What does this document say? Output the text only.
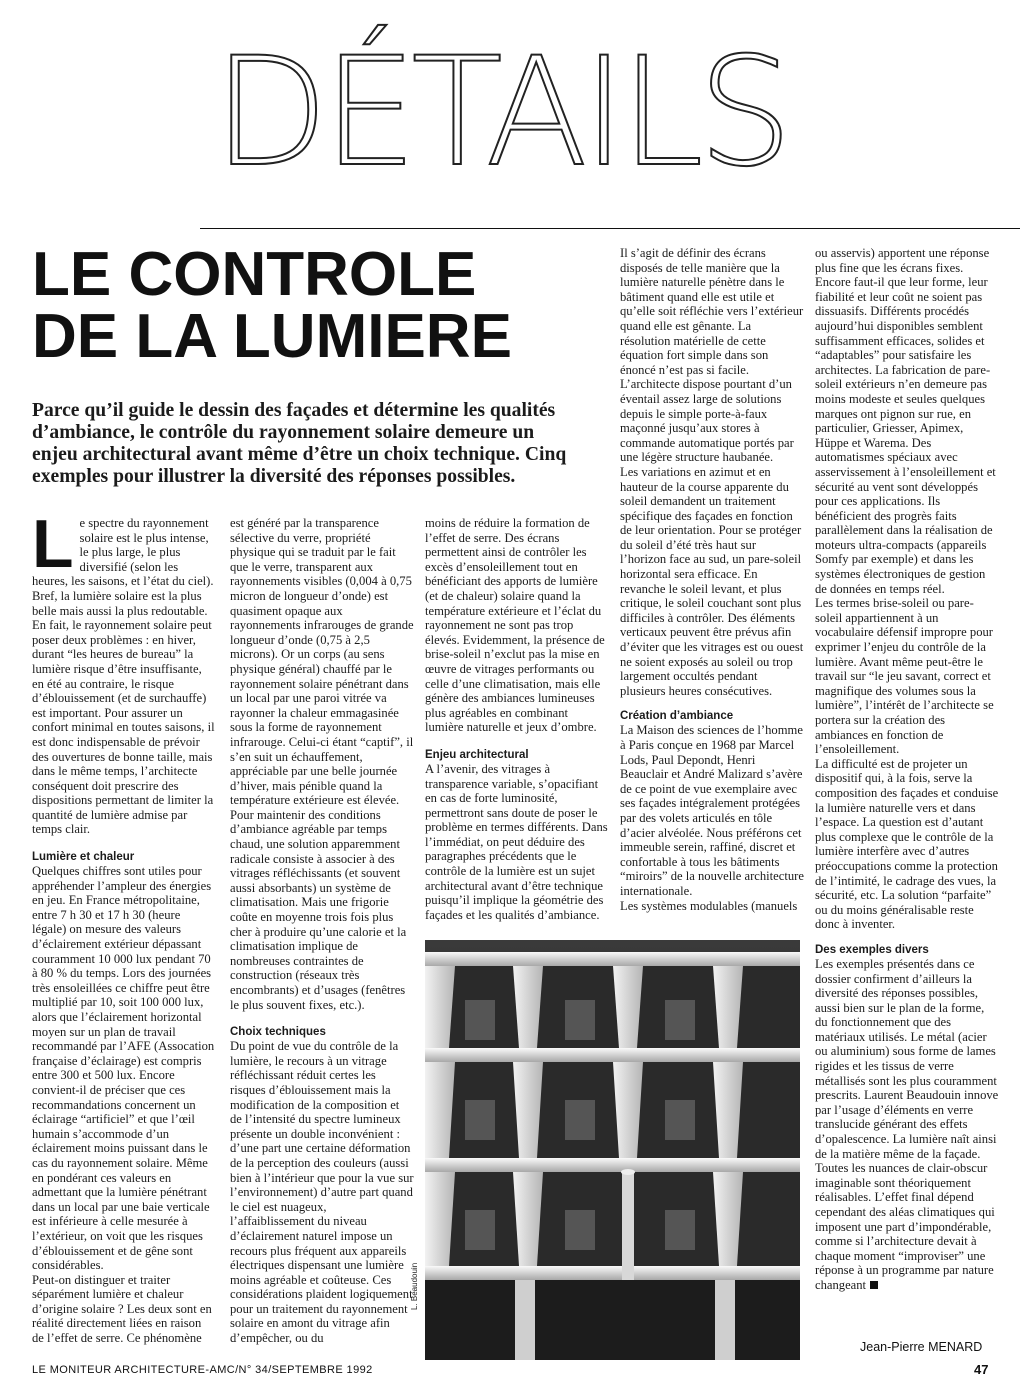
DÉTAILS
LE CONTROLE
DE LA LUMIERE

Parce qu’il guide le dessin des façades et détermine les qualités d’ambiance, le contrôle du rayonnement solaire demeure un enjeu architectural avant même d’être un choix technique. Cinq exemples pour illustrer la diversité des réponses possibles.

L e spectre du rayonnement solaire est le plus intense, le plus large, le plus diversifié (selon les heures, les saisons, et l’état du ciel). Bref, la lumière solaire est la plus belle mais aussi la plus redoutable. En fait, le rayonnement solaire peut poser deux problèmes : en hiver, durant “les heures de bureau” la lumière risque d’être insuffisante, en été au contraire, le risque d’éblouissement (et de surchauffe) est important. Pour assurer un confort minimal en toutes saisons, il est donc indispensable de prévoir des ouvertures de bonne taille, mais dans le même temps, l’architecte conséquent doit prescrire des dispositions permettant de limiter la quantité de lumière admise par temps clair.

Lumière et chaleur

Quelques chiffres sont utiles pour appréhender l’ampleur des énergies en jeu. En France métropolitaine, entre 7 h 30 et 17 h 30 (heure légale) on mesure des valeurs d’éclairement extérieur dépassant couramment 10 000 lux pendant 70 à 80 % du temps. Lors des journées très ensoleillées ce chiffre peut être multiplié par 10, soit 100 000 lux, alors que l’éclairement horizontal moyen sur un plan de travail recommandé par l’AFE (Assocation française d’éclairage) est compris entre 300 et 500 lux. Encore convient-il de préciser que ces recommandations concernent un éclairage “artificiel” et que l’œil humain s’accommode d’un éclairement moins puissant dans le cas du rayonnement solaire. Même en pondérant ces valeurs en admettant que la lumière pénétrant dans un local par une baie verticale est inférieure à celle mesurée à l’extérieur, on voit que les risques d’éblouissement et de gêne sont considérables.

Peut-on distinguer et traiter séparément lumière et chaleur d’origine solaire ? Les deux sont en réalité directement liées en raison de l’effet de serre. Ce phénomène

est généré par la transparence sélective du verre, propriété physique qui se traduit par le fait que le verre, transparent aux rayonnements visibles (0,004 à 0,75 micron de longueur d’onde) est quasiment opaque aux rayonnements infrarouges de grande longueur d’onde (0,75 à 2,5 microns). Or un corps (au sens physique général) chauffé par le rayonnement solaire pénétrant dans un local par une paroi vitrée va rayonner la chaleur emmagasinée sous la forme de rayonnement infrarouge. Celui-ci étant “captif”, il s’en suit un échauffement, appréciable par une belle journée d’hiver, mais pénible quand la température extérieure est élevée. Pour maintenir des conditions d’ambiance agréable par temps chaud, une solution apparemment radicale consiste à associer à des vitrages réfléchissants (et souvent aussi absorbants) un système de climatisation. Mais une frigorie coûte en moyenne trois fois plus cher à produire qu’une calorie et la climatisation implique de nombreuses contraintes de construction (réseaux très encombrants) et d’usages (fenêtres le plus souvent fixes, etc.).

Choix techniques

Du point de vue du contrôle de la lumière, le recours à un vitrage réfléchissant réduit certes les risques d’éblouissement mais la modification de la composition et de l’intensité du spectre lumineux présente un double inconvénient : d’une part une certaine déformation de la perception des couleurs (aussi bien à l’intérieur que pour la vue sur l’environnement) d’autre part quand le ciel est nuageux, l’affaiblissement du niveau d’éclairement naturel impose un recours plus fréquent aux appareils électriques dispensant une lumière moins agréable et coûteuse. Ces considérations plaident logiquement pour un traitement du rayonnement solaire en amont du vitrage afin d’empêcher, ou du

moins de réduire la formation de l’effet de serre. Des écrans permettent ainsi de contrôler les excès d’ensoleillement tout en bénéficiant des apports de lumière (et de chaleur) solaire quand la température extérieure et l’éclat du rayonnement ne sont pas trop élevés. Evidemment, la présence de brise-soleil n’exclut pas la mise en œuvre de vitrages performants ou celle d’une climatisation, mais elle génère des ambiances lumineuses plus agréables en combinant lumière naturelle et jeux d’ombre.

Enjeu architectural

A l’avenir, des vitrages à transparence variable, s’opacifiant en cas de forte luminosité, permettront sans doute de poser le problème en termes différents. Dans l’immédiat, on peut déduire des paragraphes précédents que le contrôle de la lumière est un sujet architectural avant d’être technique puisqu’il implique la géométrie des façades et les qualités d’ambiance.

Il s’agit de définir des écrans disposés de telle manière que la lumière naturelle pénètre dans le bâtiment quand elle est utile et qu’elle soit réfléchie vers l’extérieur quand elle est gênante. La résolution matérielle de cette équation fort simple dans son énoncé n’est pas si facile.

L’architecte dispose pourtant d’un éventail assez large de solutions depuis le simple porte-à-faux maçonné jusqu’aux stores à commande automatique portés par une légère structure haubanée.

Les variations en azimut et en hauteur de la course apparente du soleil demandent un traitement spécifique des façades en fonction de leur orientation. Pour se protéger du soleil d’été très haut sur l’horizon face au sud, un pare-soleil horizontal sera efficace. En revanche le soleil levant, et plus critique, le soleil couchant sont plus difficiles à contrôler. Des éléments verticaux peuvent être prévus afin d’éviter que les vitrages est ou ouest ne soient exposés au soleil ou trop largement occultés pendant plusieurs heures consécutives.

Création d’ambiance

La Maison des sciences de l’homme à Paris conçue en 1968 par Marcel Lods, Paul Depondt, Henri Beauclair et André Malizard s’avère de ce point de vue exemplaire avec ses façades intégralement protégées par des volets articulés en tôle d’acier alvéolée. Nous préférons cet immeuble serein, raffiné, discret et confortable à tous les bâtiments “miroirs” de la nouvelle architecture internationale.

Les systèmes modulables (manuels

ou asservis) apportent une réponse plus fine que les écrans fixes. Encore faut-il que leur forme, leur fiabilité et leur coût ne soient pas dissuasifs. Différents procédés aujourd’hui disponibles semblent suffisamment efficaces, solides et “adaptables” pour satisfaire les architectes. La fabrication de pare-soleil extérieurs n’en demeure pas moins modeste et seules quelques marques ont pignon sur rue, en particulier, Griesser, Apimex, Hüppe et Warema. Des automatismes spéciaux avec asservissement à l’ensoleillement et sécurité au vent sont développés pour ces applications. Ils bénéficient des progrès faits parallèlement dans la réalisation de moteurs ultra-compacts (appareils Somfy par exemple) et dans les systèmes électroniques de gestion de données en temps réel.

Les termes brise-soleil ou pare-soleil appartiennent à un vocabulaire défensif impropre pour exprimer l’enjeu du contrôle de la lumière. Avant même peut-être le travail sur “le jeu savant, correct et magnifique des volumes sous la lumière”, l’intérêt de l’architecte se portera sur la création des ambiances en fonction de l’ensoleillement.

La difficulté est de projeter un dispositif qui, à la fois, serve la composition des façades et conduise la lumière naturelle vers et dans l’espace. La question est d’autant plus complexe que le contrôle de la lumière interfère avec d’autres préoccupations comme la protection de l’intimité, le cadrage des vues, la sécurité, etc. La solution “parfaite” ou du moins généralisable reste donc à inventer.

Des exemples divers

Les exemples présentés dans ce dossier confirment d’ailleurs la diversité des réponses possibles, aussi bien sur le plan de la forme, du fonctionnement que des matériaux utilisés. Le métal (acier ou aluminium) sous forme de lames rigides et les tissus de verre métallisés sont les plus couramment prescrits. Laurent Beaudouin innove par l’usage d’éléments en verre translucide générant des effets d’opalescence. La lumière naît ainsi de la matière même de la façade. Toutes les nuances de clair-obscur imaginable sont théoriquement réalisables. L’effet final dépend cependant des aléas climatiques qui imposent une part d’impondérable, comme si l’architecture devait à chaque moment “improviser” une réponse à un programme par nature changeant

L. Beaudouin
Jean-Pierre MENARD
LE MONITEUR ARCHITECTURE-AMC/N° 34/SEPTEMBRE 1992	47
